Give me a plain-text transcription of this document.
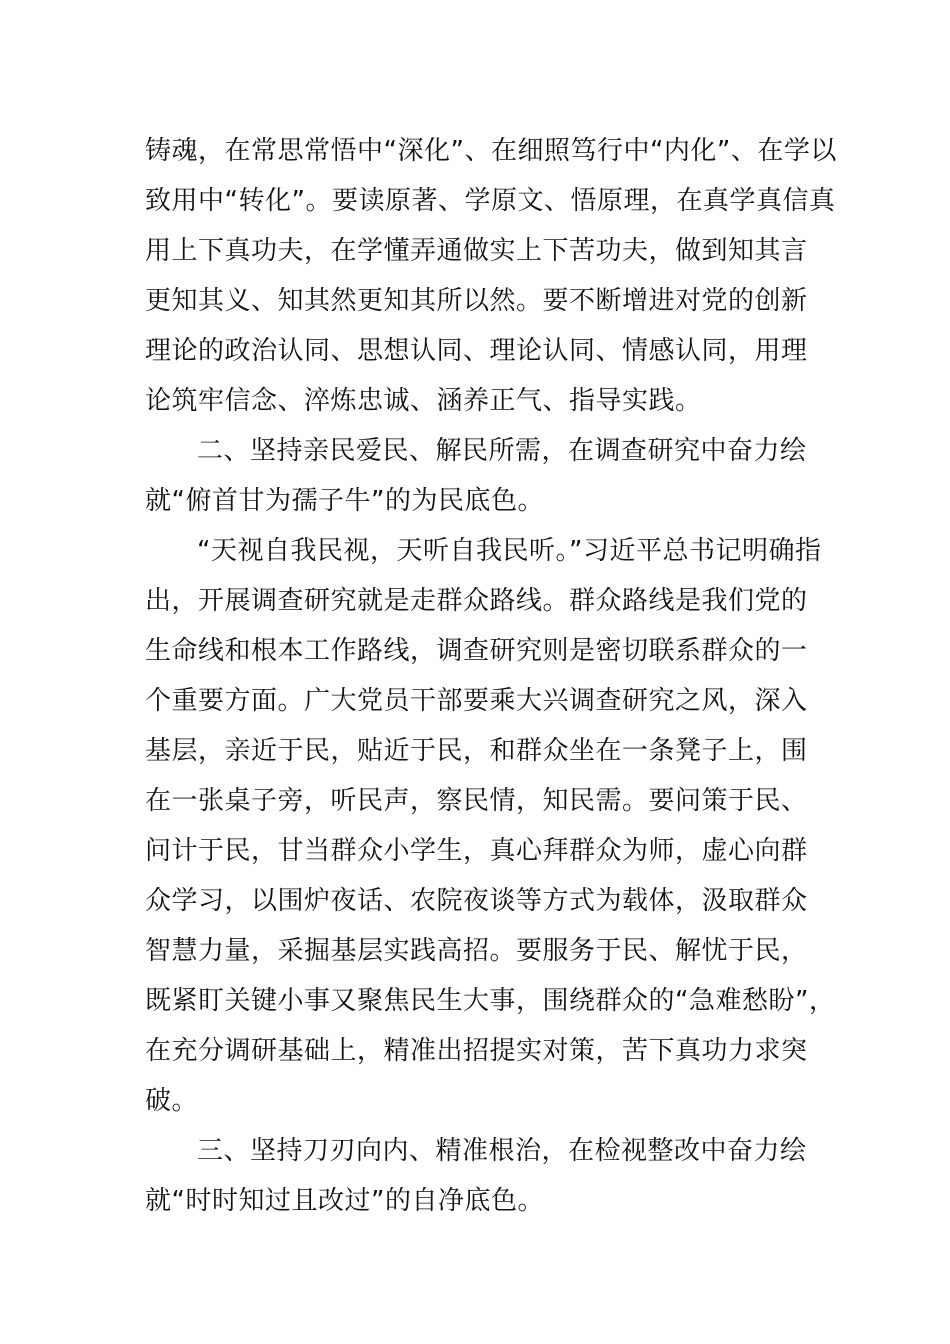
铸魂，在常思常悟中“深化”、在细照笃行中“内化”、在学以
致用中“转化”。要读原著、学原文、悟原理，在真学真信真
用上下真功夫，在学懂弄通做实上下苦功夫，做到知其言
更知其义、知其然更知其所以然。要不断增进对党的创新
理论的政治认同、思想认同、理论认同、情感认同，用理
论筑牢信念、淬炼忠诚、涵养正气、指导实践。
二、坚持亲民爱民、解民所需，在调查研究中奋力绘
就“俯首甘为孺子牛”的为民底色。
“天视自我民视，天听自我民听。”习近平总书记明确指
出，开展调查研究就是走群众路线。群众路线是我们党的
生命线和根本工作路线，调查研究则是密切联系群众的一
个重要方面。广大党员干部要乘大兴调查研究之风，深入
基层，亲近于民，贴近于民，和群众坐在一条凳子上，围
在一张桌子旁，听民声，察民情，知民需。要问策于民、
问计于民，甘当群众小学生，真心拜群众为师，虚心向群
众学习，以围炉夜话、农院夜谈等方式为载体，汲取群众
智慧力量，采掘基层实践高招。要服务于民、解忧于民，
既紧盯关键小事又聚焦民生大事，围绕群众的“急难愁盼”，
在充分调研基础上，精准出招提实对策，苦下真功力求突
破。
三、坚持刀刃向内、精准根治，在检视整改中奋力绘
就“时时知过且改过”的自净底色。
